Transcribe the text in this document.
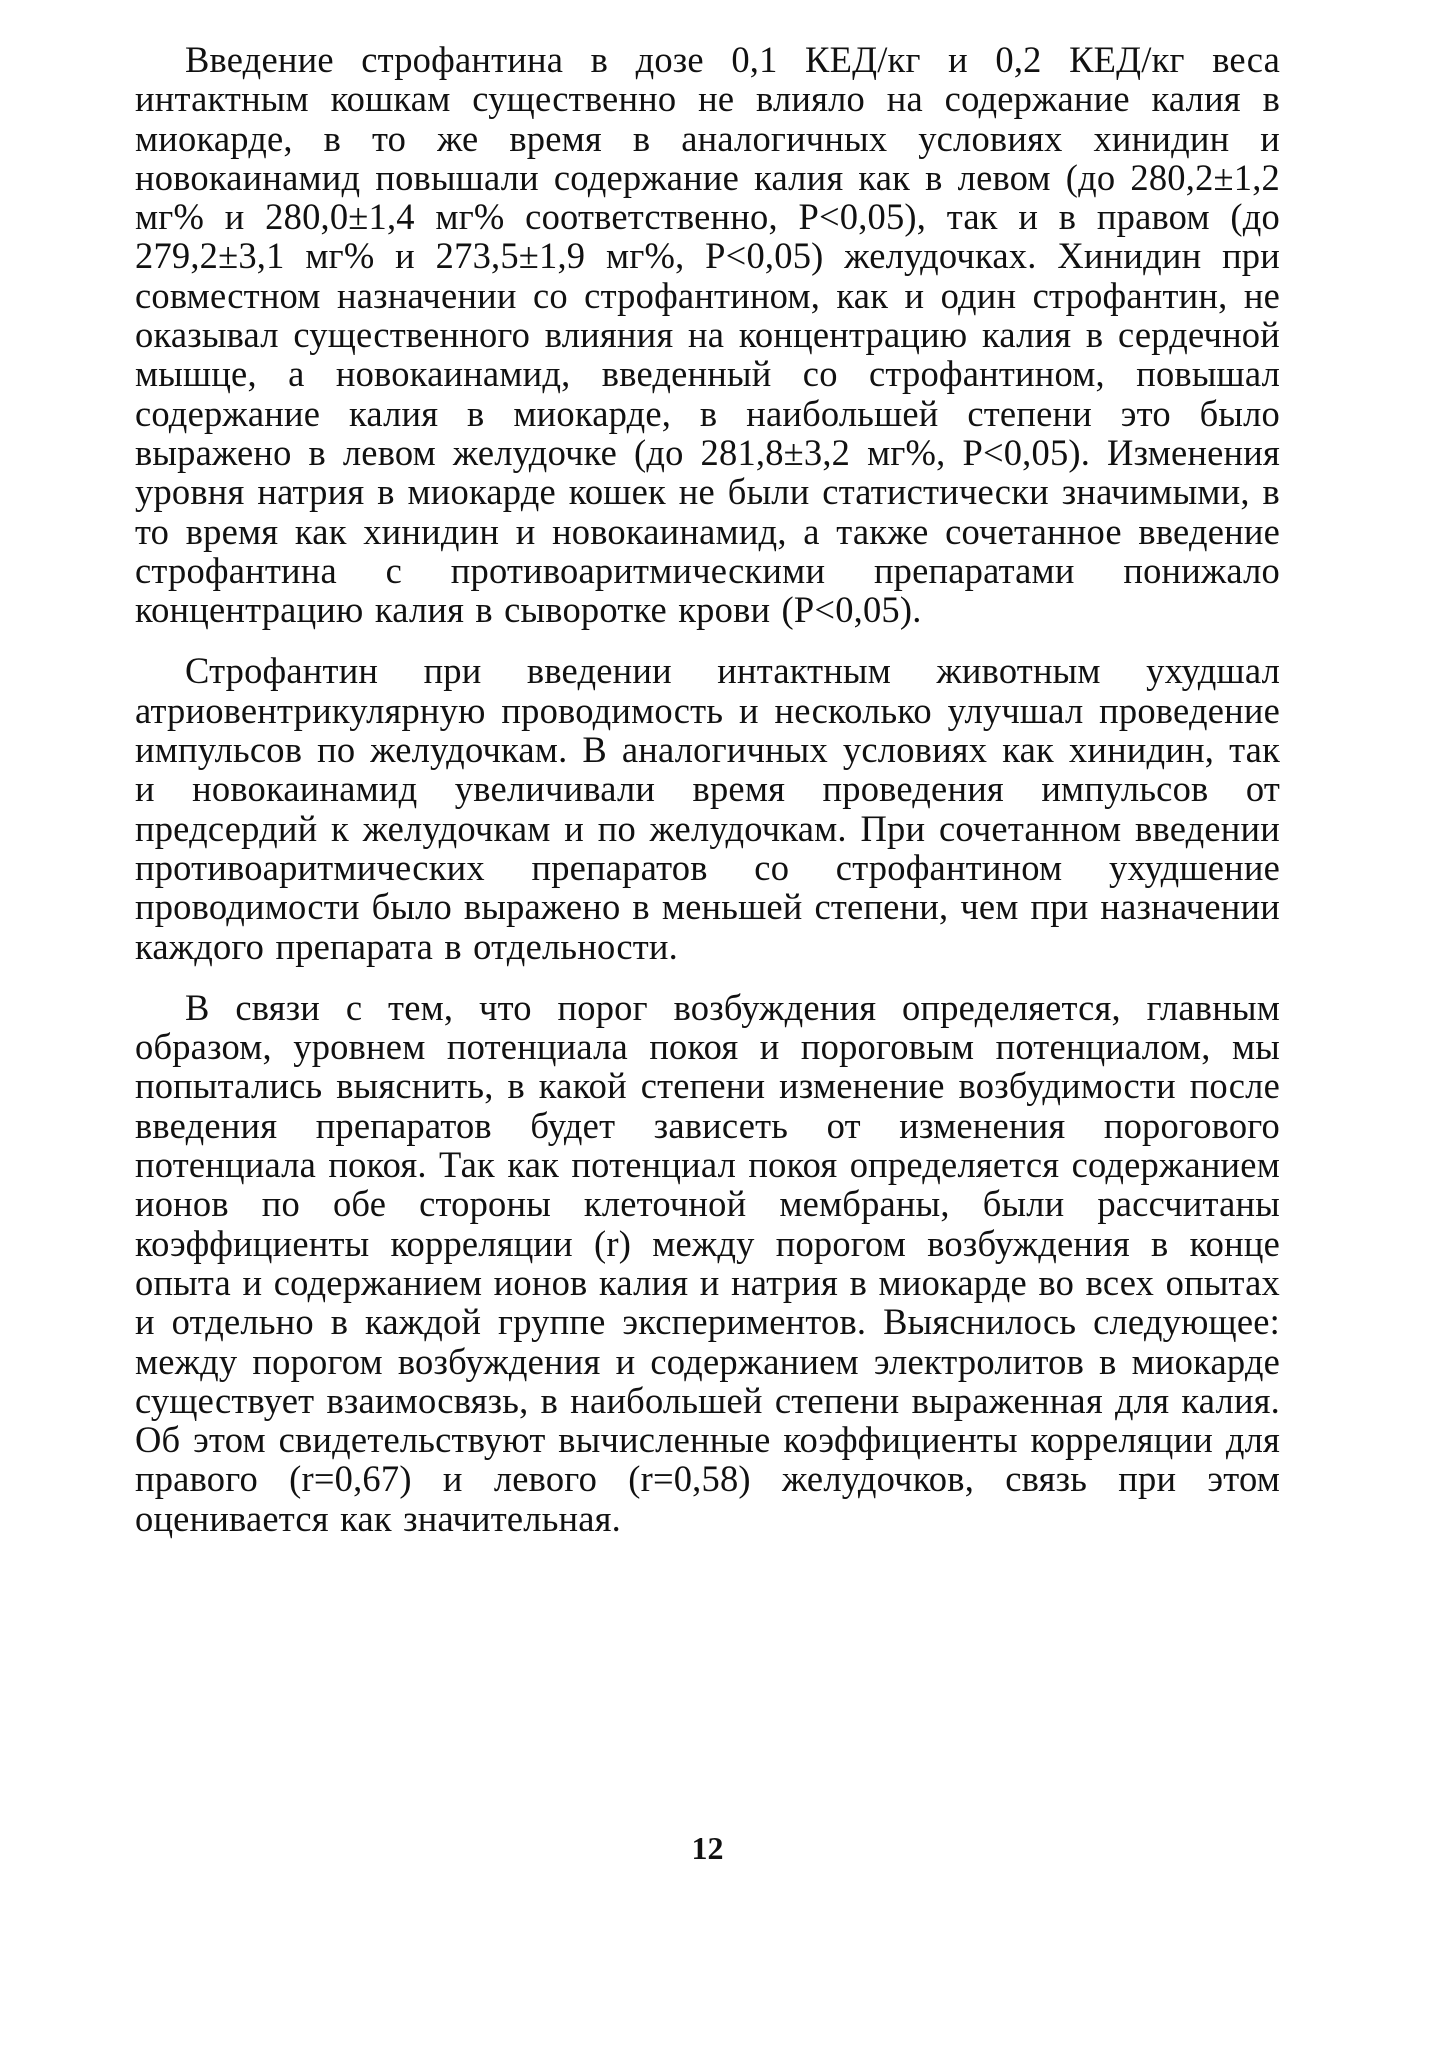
Введение строфантина в дозе 0,1 КЕД/кг и 0,2 КЕД/кг веса интактным кошкам существенно не влияло на содержание калия в миокарде, в то же время в аналогичных условиях хинидин и новокаинамид повышали содержание калия как в левом (до 280,2±1,2 мг% и 280,0±1,4 мг% соответственно, P<0,05), так и в правом (до 279,2±3,1 мг% и 273,5±1,9 мг%, P<0,05) желудочках. Хинидин при совместном назначении со строфантином, как и один строфантин, не оказывал существенного влияния на концентрацию калия в сердечной мышце, а новокаинамид, введенный со строфантином, повышал содержание калия в миокарде, в наибольшей степени это было выражено в левом желудочке (до 281,8±3,2 мг%, P<0,05). Изменения уровня натрия в миокарде кошек не были статистически значимыми, в то время как хинидин и новокаинамид, а также сочетанное введение строфантина с противоаритмическими препаратами понижало концентрацию калия в сыворотке крови (P<0,05).

Строфантин при введении интактным животным ухудшал атриовентрикулярную проводимость и несколько улучшал проведение импульсов по желудочкам. В аналогичных условиях как хинидин, так и новокаинамид увеличивали время проведения импульсов от предсердий к желудочкам и по желудочкам. При сочетанном введении противоаритмических препаратов со строфантином ухудшение проводимости было выражено в меньшей степени, чем при назначении каждого препарата в отдельности.

В связи с тем, что порог возбуждения определяется, главным образом, уровнем потенциала покоя и пороговым потенциалом, мы попытались выяснить, в какой степени изменение возбудимости после введения препаратов будет зависеть от изменения порогового потенциала покоя. Так как потенциал покоя определяется содержанием ионов по обе стороны клеточной мембраны, были рассчитаны коэффициенты корреляции (r) между порогом возбуждения в конце опыта и содержанием ионов калия и натрия в миокарде во всех опытах и отдельно в каждой группе экспериментов. Выяснилось следующее: между порогом возбуждения и содержанием электролитов в миокарде существует взаимосвязь, в наибольшей степени выраженная для калия. Об этом свидетельствуют вычисленные коэффициенты корреляции для правого (r=0,67) и левого (r=0,58) желудочков, связь при этом оценивается как значительная.

12
